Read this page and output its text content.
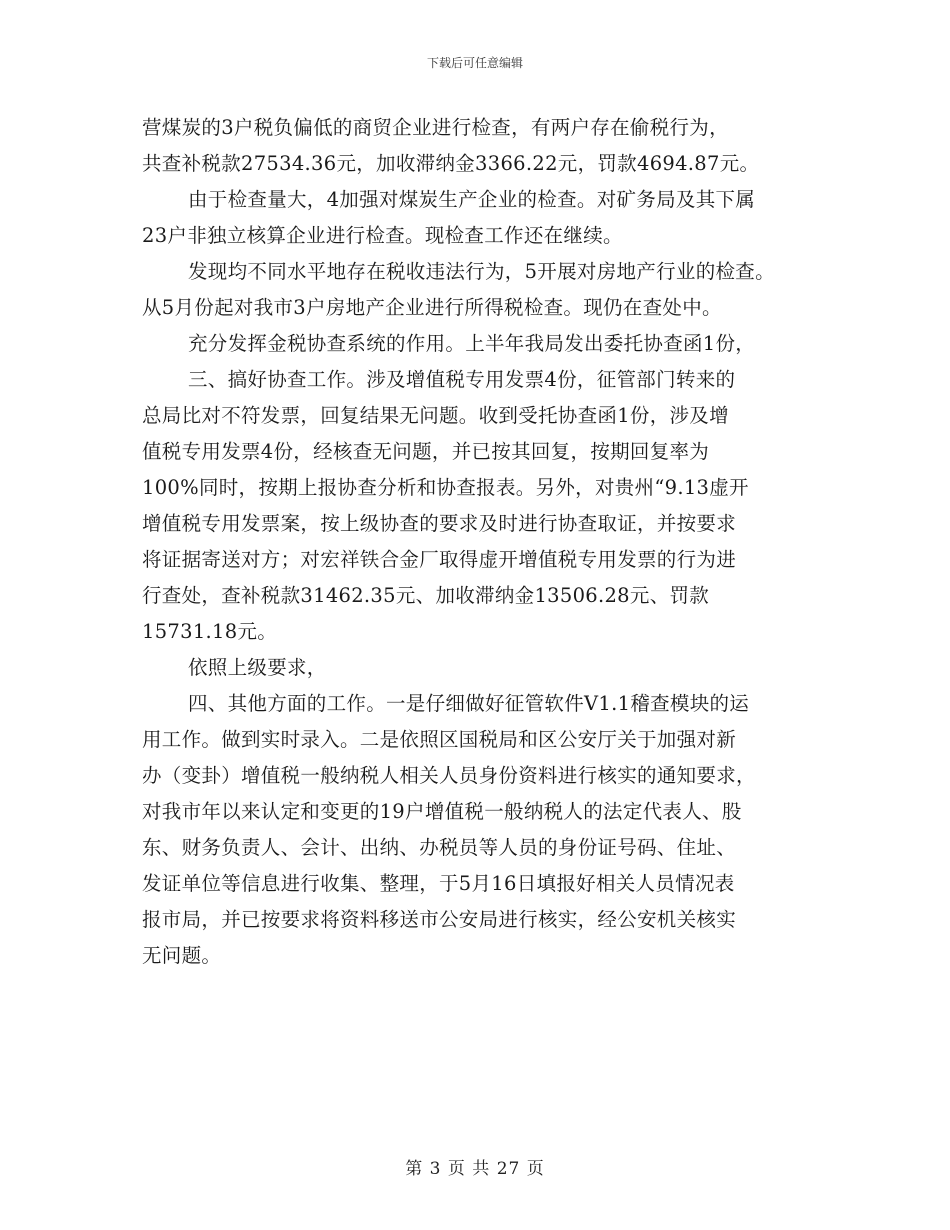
下载后可任意编辑
营煤炭的3户税负偏低的商贸企业进行检查，有两户存在偷税行为，
共查补税款27534.36元，加收滞纳金3366.22元，罚款4694.87元。
由于检查量大，4加强对煤炭生产企业的检查。对矿务局及其下属
23户非独立核算企业进行检查。现检查工作还在继续。
发现均不同水平地存在税收违法行为，5开展对房地产行业的检查。
从5月份起对我市3户房地产企业进行所得税检查。现仍在查处中。
充分发挥金税协查系统的作用。上半年我局发出委托协查函1份，
三、搞好协查工作。涉及增值税专用发票4份，征管部门转来的
总局比对不符发票，回复结果无问题。收到受托协查函1份，涉及增
值税专用发票4份，经核查无问题，并已按其回复，按期回复率为
100%同时，按期上报协查分析和协查报表。另外，对贵州“9.13虚开
增值税专用发票案，按上级协查的要求及时进行协查取证，并按要求
将证据寄送对方；对宏祥铁合金厂取得虚开增值税专用发票的行为进
行查处，查补税款31462.35元、加收滞纳金13506.28元、罚款
15731.18元。
依照上级要求，
四、其他方面的工作。一是仔细做好征管软件V1.1稽查模块的运
用工作。做到实时录入。二是依照区国税局和区公安厅关于加强对新
办（变卦）增值税一般纳税人相关人员身份资料进行核实的通知要求，
对我市年以来认定和变更的19户增值税一般纳税人的法定代表人、股
东、财务负责人、会计、出纳、办税员等人员的身份证号码、住址、
发证单位等信息进行收集、整理，于5月16日填报好相关人员情况表
报市局，并已按要求将资料移送市公安局进行核实，经公安机关核实
无问题。
第 3 页 共 27 页
